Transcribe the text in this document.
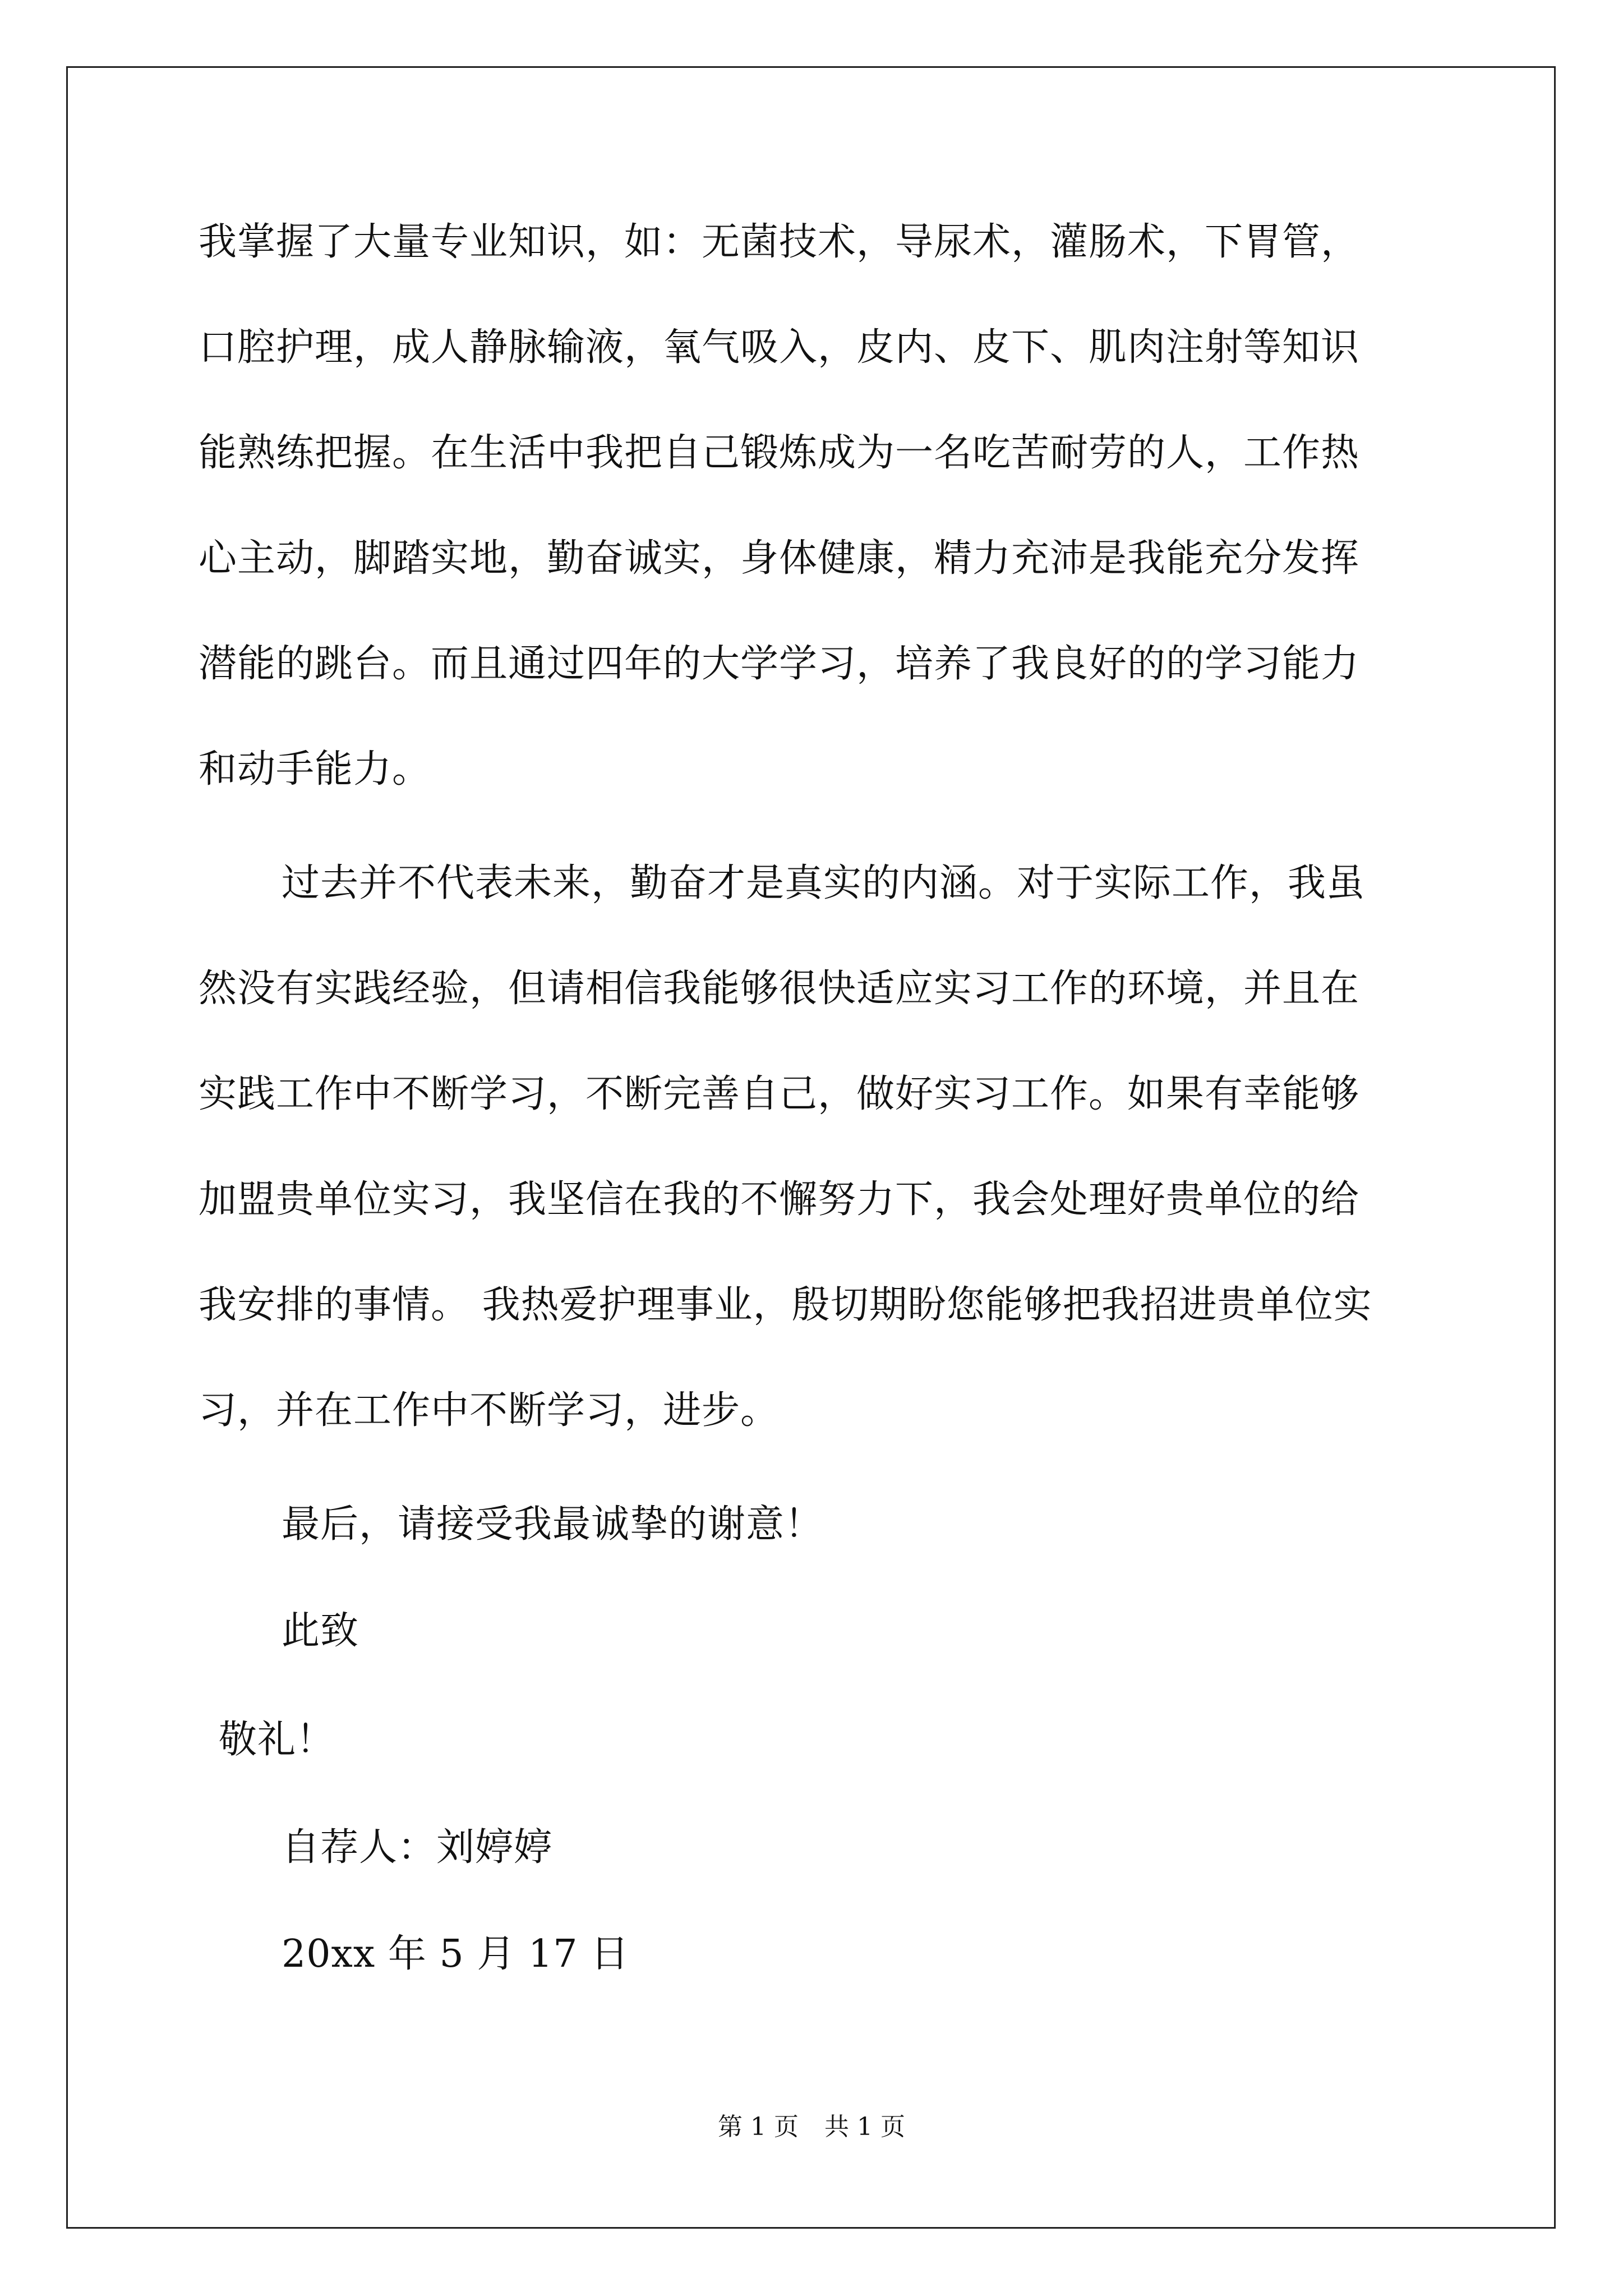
我掌握了大量专业知识，如：无菌技术，导尿术，灌肠术，下胃管，
口腔护理，成人静脉输液，氧气吸入，皮内、皮下、肌肉注射等知识
能熟练把握。在生活中我把自己锻炼成为一名吃苦耐劳的人，工作热
心主动，脚踏实地，勤奋诚实，身体健康，精力充沛是我能充分发挥
潜能的跳台。而且通过四年的大学学习，培养了我良好的的学习能力
和动手能力。
过去并不代表未来，勤奋才是真实的内涵。对于实际工作，我虽
然没有实践经验，但请相信我能够很快适应实习工作的环境，并且在
实践工作中不断学习，不断完善自己，做好实习工作。如果有幸能够
加盟贵单位实习，我坚信在我的不懈努力下，我会处理好贵单位的给
我安排的事情。 我热爱护理事业，殷切期盼您能够把我招进贵单位实
习，并在工作中不断学习，进步。
最后，请接受我最诚挚的谢意！
此致
敬礼！
自荐人：刘婷婷
20xx 年 5 月 17 日
第 1 页 共 1 页
